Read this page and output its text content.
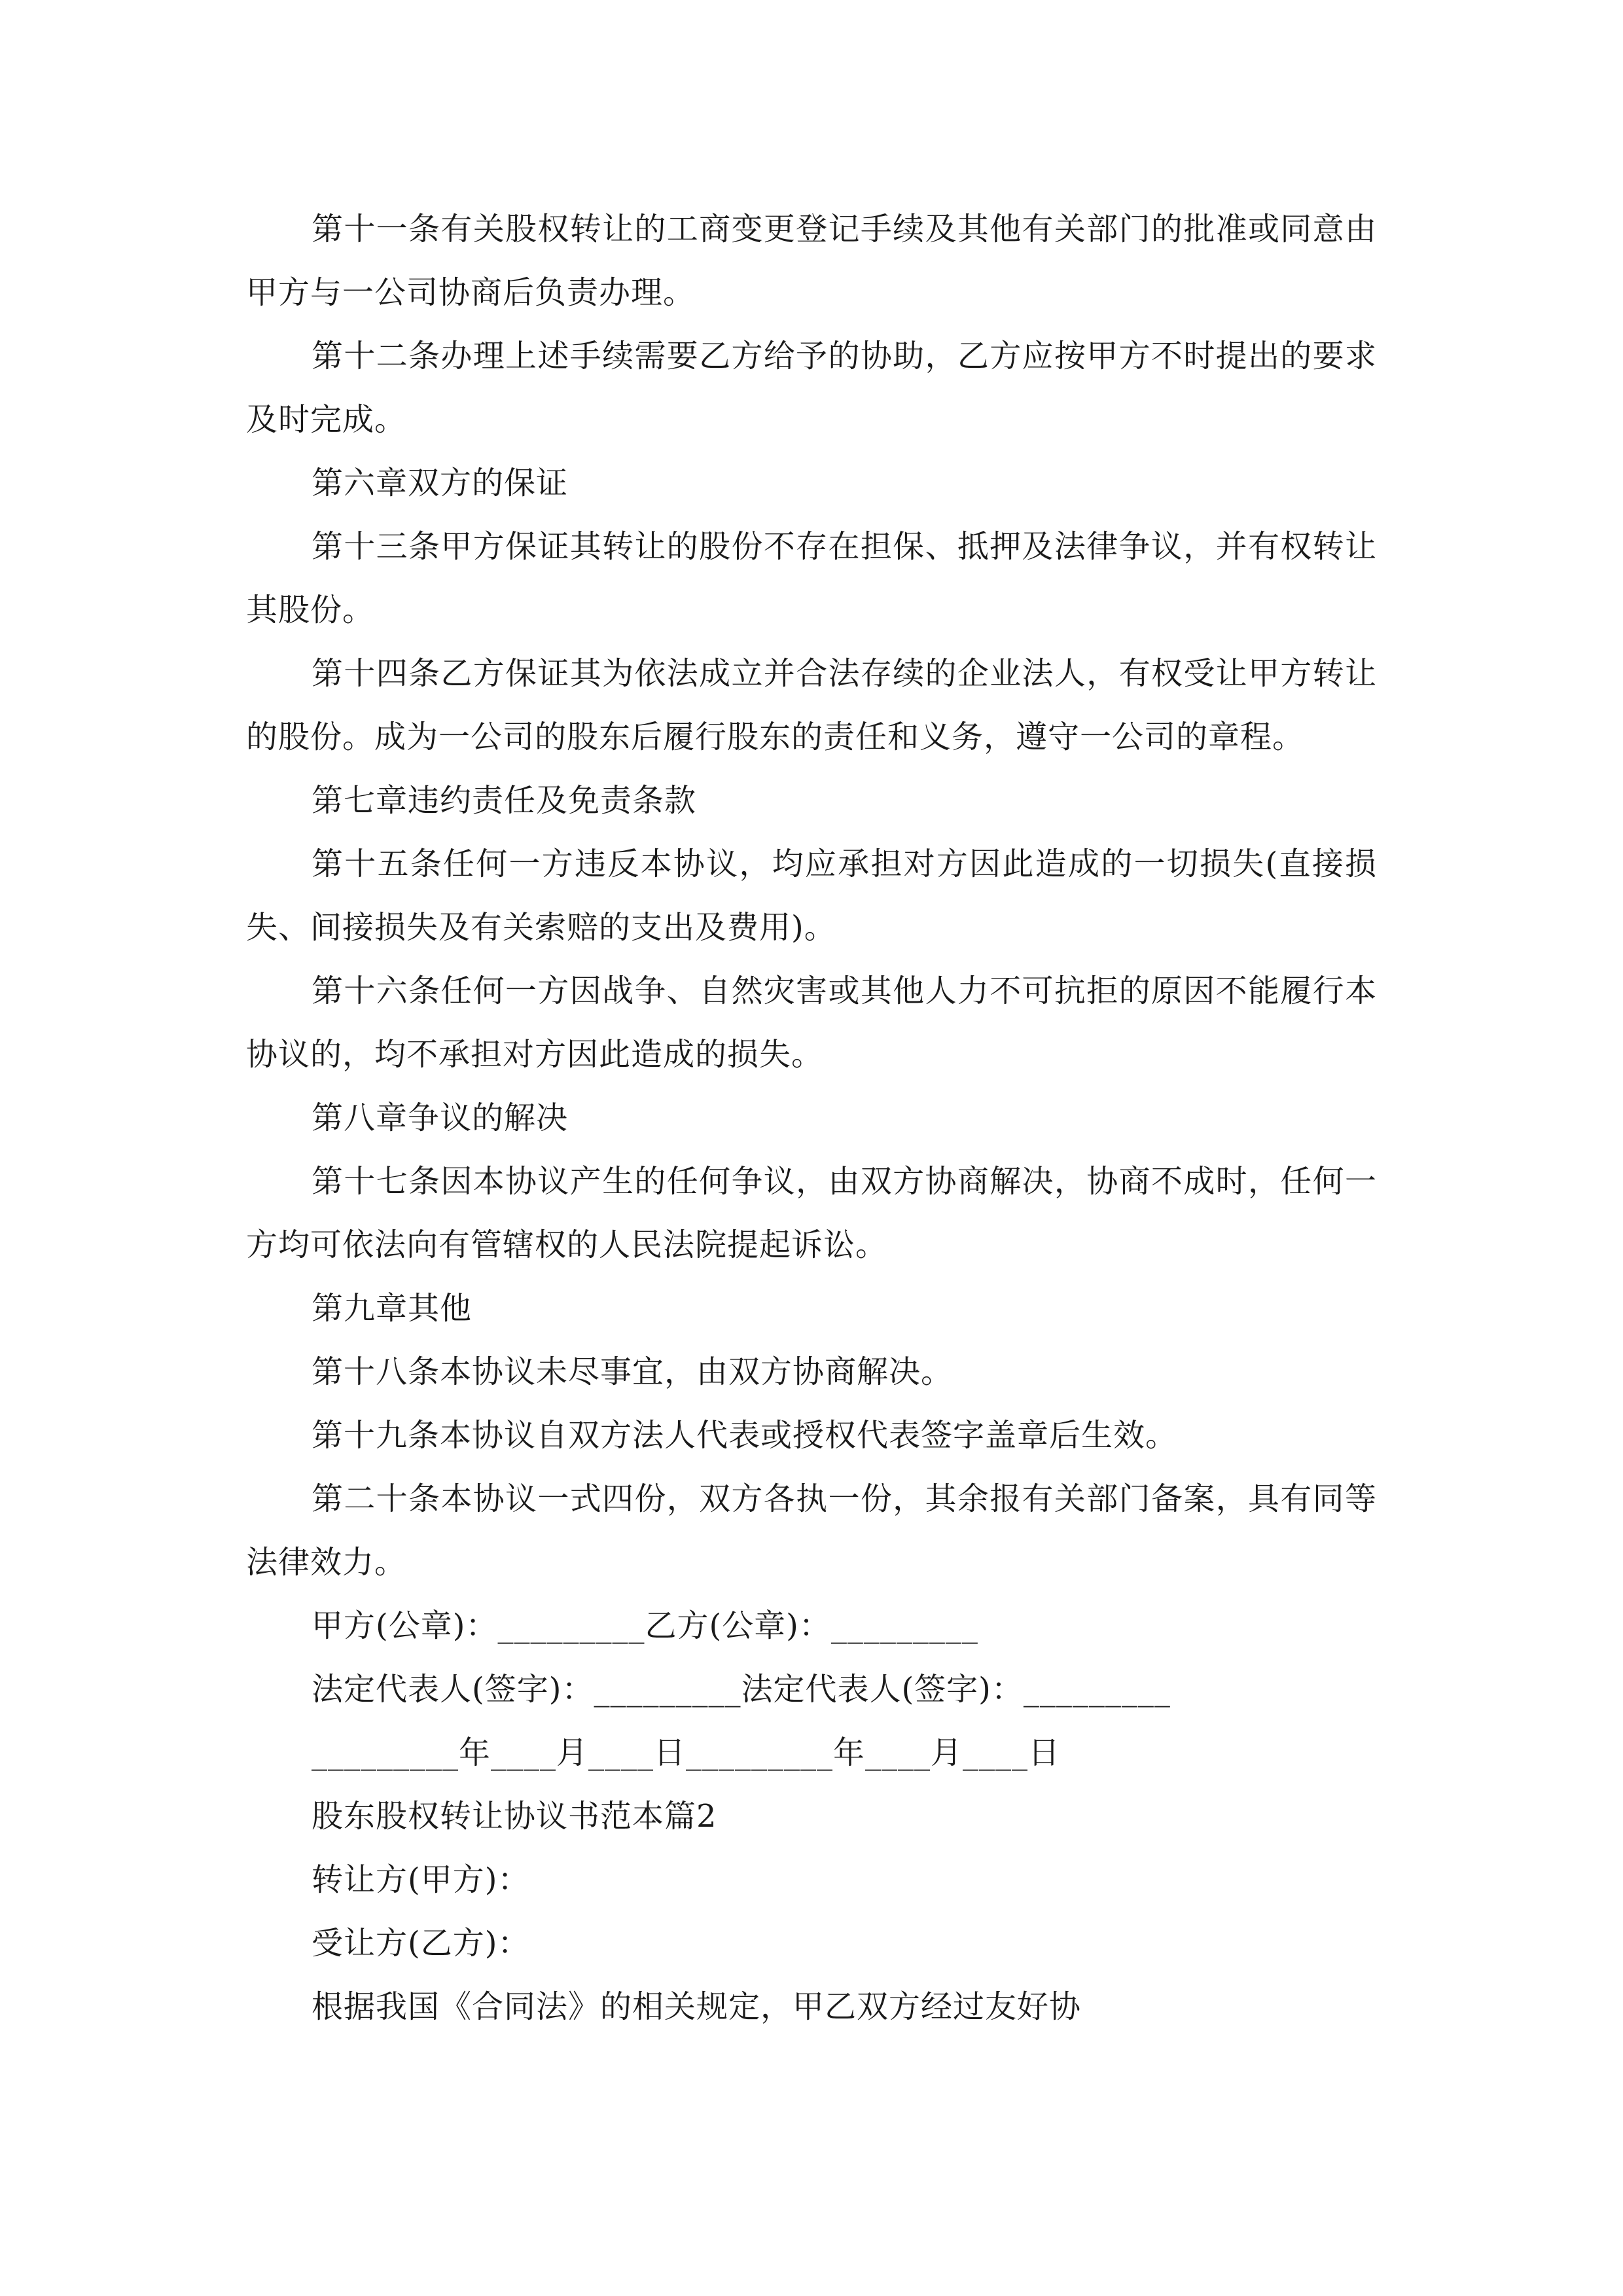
第十一条有关股权转让的工商变更登记手续及其他有关部门的批准或同意由甲方与一公司协商后负责办理。

第十二条办理上述手续需要乙方给予的协助，乙方应按甲方不时提出的要求及时完成。

第六章双方的保证

第十三条甲方保证其转让的股份不存在担保、抵押及法律争议，并有权转让其股份。

第十四条乙方保证其为依法成立并合法存续的企业法人，有权受让甲方转让的股份。成为一公司的股东后履行股东的责任和义务，遵守一公司的章程。

第七章违约责任及免责条款

第十五条任何一方违反本协议，均应承担对方因此造成的一切损失(直接损失、间接损失及有关索赔的支出及费用)。

第十六条任何一方因战争、自然灾害或其他人力不可抗拒的原因不能履行本协议的，均不承担对方因此造成的损失。

第八章争议的解决

第十七条因本协议产生的任何争议，由双方协商解决，协商不成时，任何一方均可依法向有管辖权的人民法院提起诉讼。

第九章其他

第十八条本协议未尽事宜，由双方协商解决。

第十九条本协议自双方法人代表或授权代表签字盖章后生效。

第二十条本协议一式四份，双方各执一份，其余报有关部门备案，具有同等法律效力。

甲方(公章)：_________乙方(公章)：_________

法定代表人(签字)：_________法定代表人(签字)：_________

_________年____月____日_________年____月____日

股东股权转让协议书范本篇2

转让方(甲方)：

受让方(乙方)：

根据我国《合同法》的相关规定，甲乙双方经过友好协
